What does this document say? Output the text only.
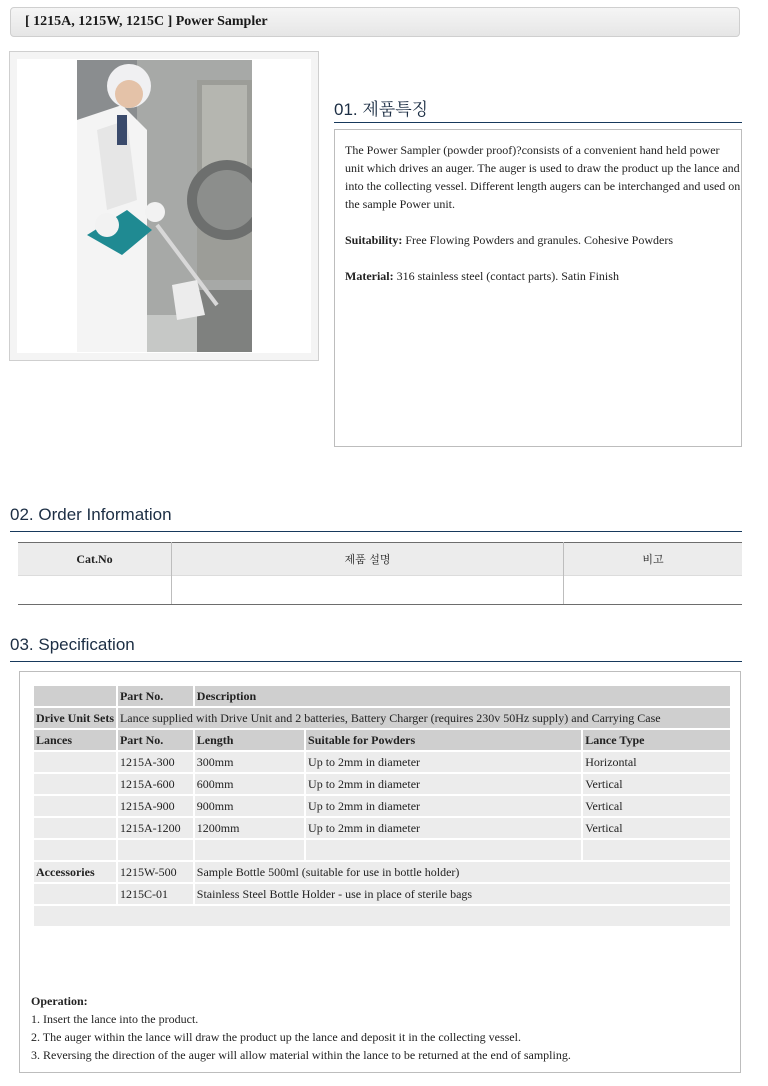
[ 1215A, 1215W, 1215C ] Power Sampler
01. 제품특징

The Power Sampler (powder proof)?consists of a convenient hand held power unit which drives an auger. The auger is used to draw the product up the lance and into the collecting vessel. Different length augers can be interchanged and used on the sample Power unit.

Suitability: Free Flowing Powders and granules. Cohesive Powders

Material: 316 stainless steel (contact parts). Satin Finish

02. Order Information
Cat.No	제품 설명	비고

03. Specification
	Part No.	Description		
Drive Unit Sets	Lance supplied with Drive Unit and 2 batteries, Battery Charger (requires 230v 50Hz supply) and Carrying Case			
Lances	Part No.	Length	Suitable for Powders	Lance Type
	1215A-300	300mm	Up to 2mm in diameter	Horizontal
	1215A-600	600mm	Up to 2mm in diameter	Vertical
	1215A-900	900mm	Up to 2mm in diameter	Vertical
	1215A-1200	1200mm	Up to 2mm in diameter	Vertical

Accessories	1215W-500	Sample Bottle 500ml (suitable for use in bottle holder)		
	1215C-01	Stainless Steel Bottle Holder - use in place of sterile bags		

Operation:
1. Insert the lance into the product.
2. The auger within the lance will draw the product up the lance and deposit it in the collecting vessel.
3. Reversing the direction of the auger will allow material within the lance to be returned at the end of sampling.
